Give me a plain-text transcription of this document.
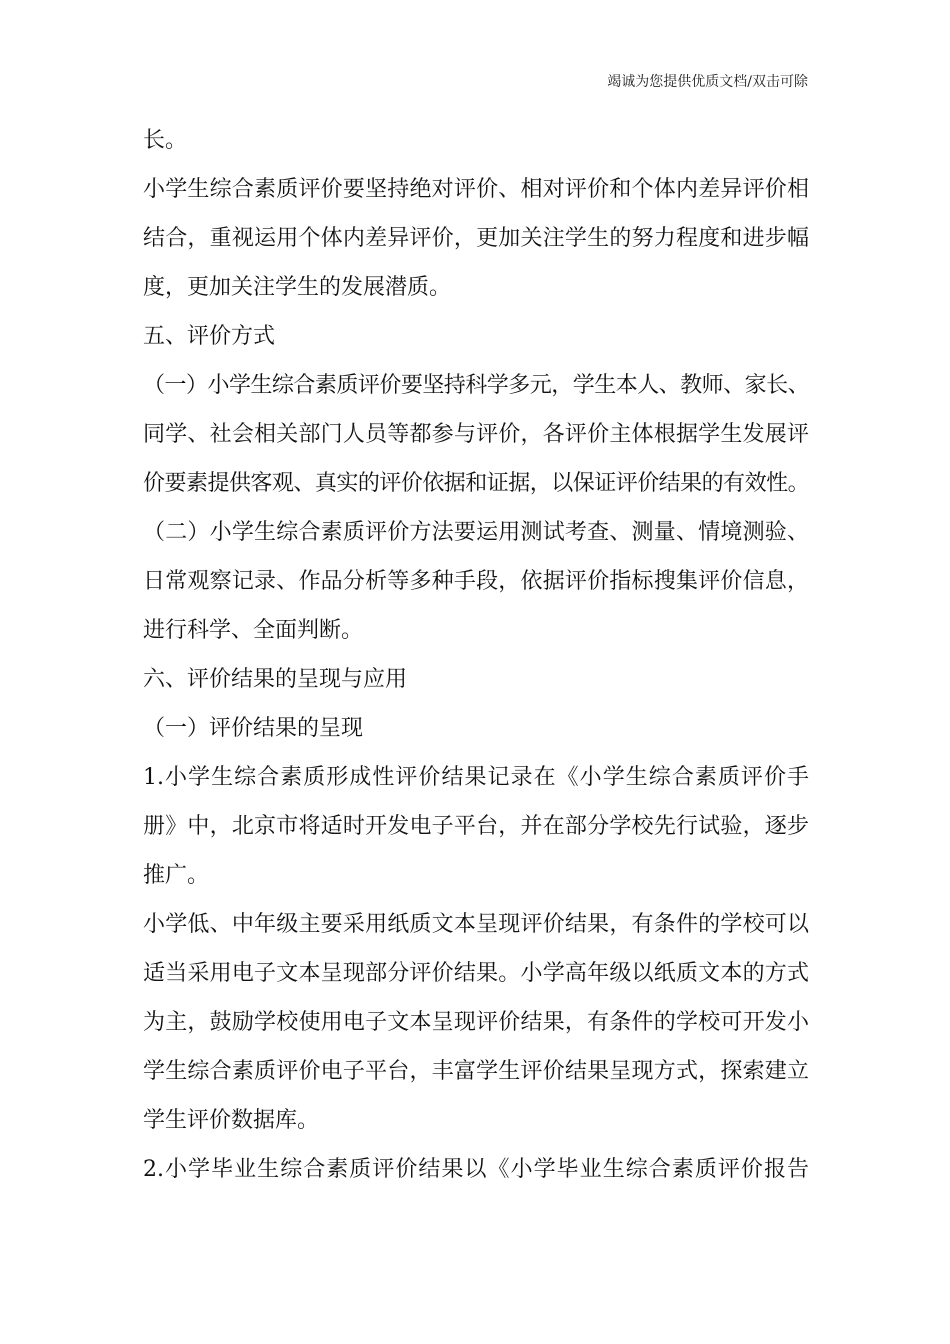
竭诚为您提供优质文档/双击可除
长。
小学生综合素质评价要坚持绝对评价、相对评价和个体内差异评价相
结合，重视运用个体内差异评价，更加关注学生的努力程度和进步幅
度，更加关注学生的发展潜质。
五、评价方式
（一）小学生综合素质评价要坚持科学多元，学生本人、教师、家长、
同学、社会相关部门人员等都参与评价，各评价主体根据学生发展评
价要素提供客观、真实的评价依据和证据，以保证评价结果的有效性。
（二）小学生综合素质评价方法要运用测试考查、测量、情境测验、
日常观察记录、作品分析等多种手段，依据评价指标搜集评价信息，
进行科学、全面判断。
六、评价结果的呈现与应用
（一）评价结果的呈现
1.小学生综合素质形成性评价结果记录在《小学生综合素质评价手
册》中，北京市将适时开发电子平台，并在部分学校先行试验，逐步
推广。
小学低、中年级主要采用纸质文本呈现评价结果，有条件的学校可以
适当采用电子文本呈现部分评价结果。小学高年级以纸质文本的方式
为主，鼓励学校使用电子文本呈现评价结果，有条件的学校可开发小
学生综合素质评价电子平台，丰富学生评价结果呈现方式，探索建立
学生评价数据库。
2.小学毕业生综合素质评价结果以《小学毕业生综合素质评价报告
